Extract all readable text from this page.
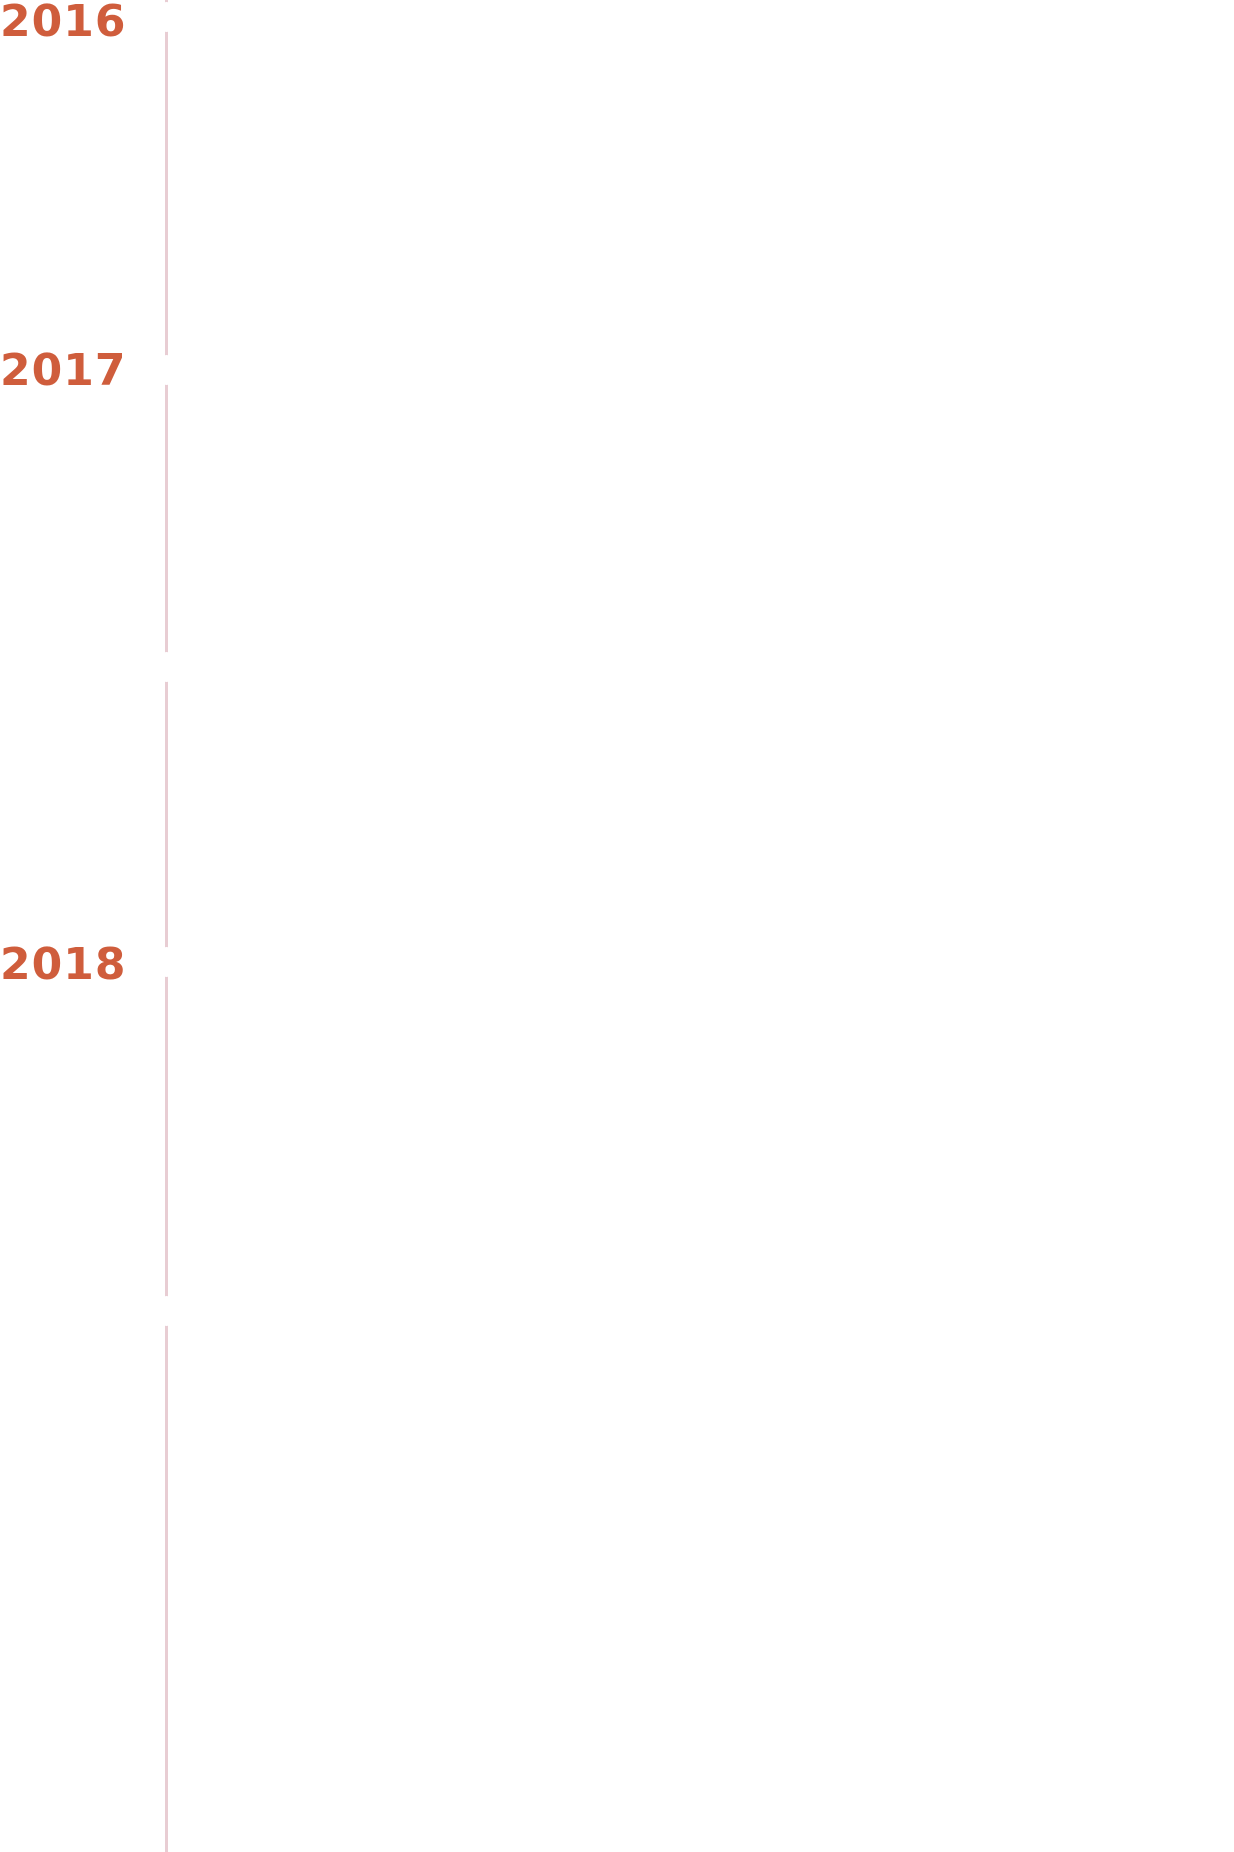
2016
2017
2018
